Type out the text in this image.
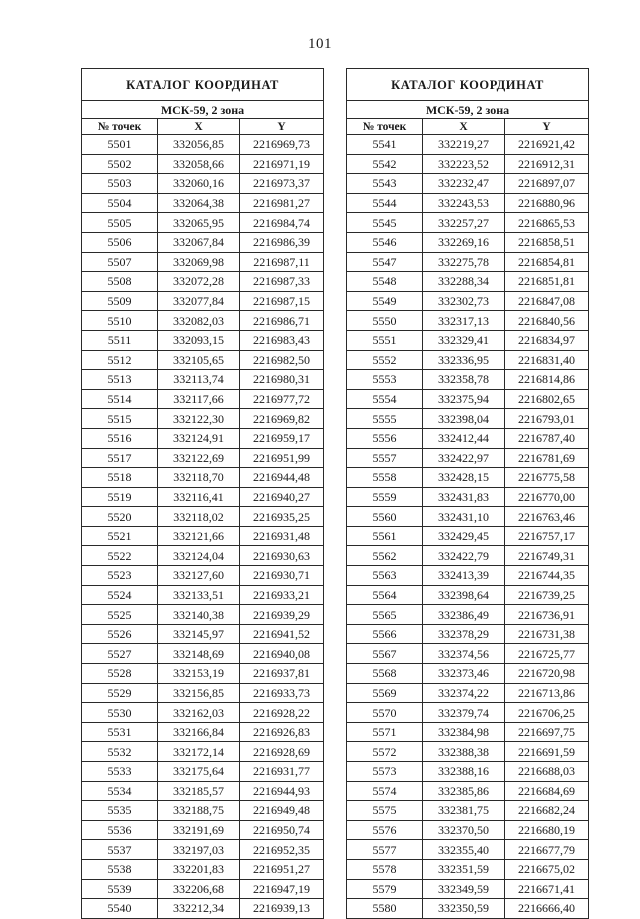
101
КАТАЛОГ КООРДИНАТ		
МСК-59, 2 зона		
№ точек	X	Y
5501	332056,85	2216969,73
5502	332058,66	2216971,19
5503	332060,16	2216973,37
5504	332064,38	2216981,27
5505	332065,95	2216984,74
5506	332067,84	2216986,39
5507	332069,98	2216987,11
5508	332072,28	2216987,33
5509	332077,84	2216987,15
5510	332082,03	2216986,71
5511	332093,15	2216983,43
5512	332105,65	2216982,50
5513	332113,74	2216980,31
5514	332117,66	2216977,72
5515	332122,30	2216969,82
5516	332124,91	2216959,17
5517	332122,69	2216951,99
5518	332118,70	2216944,48
5519	332116,41	2216940,27
5520	332118,02	2216935,25
5521	332121,66	2216931,48
5522	332124,04	2216930,63
5523	332127,60	2216930,71
5524	332133,51	2216933,21
5525	332140,38	2216939,29
5526	332145,97	2216941,52
5527	332148,69	2216940,08
5528	332153,19	2216937,81
5529	332156,85	2216933,73
5530	332162,03	2216928,22
5531	332166,84	2216926,83
5532	332172,14	2216928,69
5533	332175,64	2216931,77
5534	332185,57	2216944,93
5535	332188,75	2216949,48
5536	332191,69	2216950,74
5537	332197,03	2216952,35
5538	332201,83	2216951,27
5539	332206,68	2216947,19
5540	332212,34	2216939,13
КАТАЛОГ КООРДИНАТ		
МСК-59, 2 зона		
№ точек	X	Y
5541	332219,27	2216921,42
5542	332223,52	2216912,31
5543	332232,47	2216897,07
5544	332243,53	2216880,96
5545	332257,27	2216865,53
5546	332269,16	2216858,51
5547	332275,78	2216854,81
5548	332288,34	2216851,81
5549	332302,73	2216847,08
5550	332317,13	2216840,56
5551	332329,41	2216834,97
5552	332336,95	2216831,40
5553	332358,78	2216814,86
5554	332375,94	2216802,65
5555	332398,04	2216793,01
5556	332412,44	2216787,40
5557	332422,97	2216781,69
5558	332428,15	2216775,58
5559	332431,83	2216770,00
5560	332431,10	2216763,46
5561	332429,45	2216757,17
5562	332422,79	2216749,31
5563	332413,39	2216744,35
5564	332398,64	2216739,25
5565	332386,49	2216736,91
5566	332378,29	2216731,38
5567	332374,56	2216725,77
5568	332373,46	2216720,98
5569	332374,22	2216713,86
5570	332379,74	2216706,25
5571	332384,98	2216697,75
5572	332388,38	2216691,59
5573	332388,16	2216688,03
5574	332385,86	2216684,69
5575	332381,75	2216682,24
5576	332370,50	2216680,19
5577	332355,40	2216677,79
5578	332351,59	2216675,02
5579	332349,59	2216671,41
5580	332350,59	2216666,40
